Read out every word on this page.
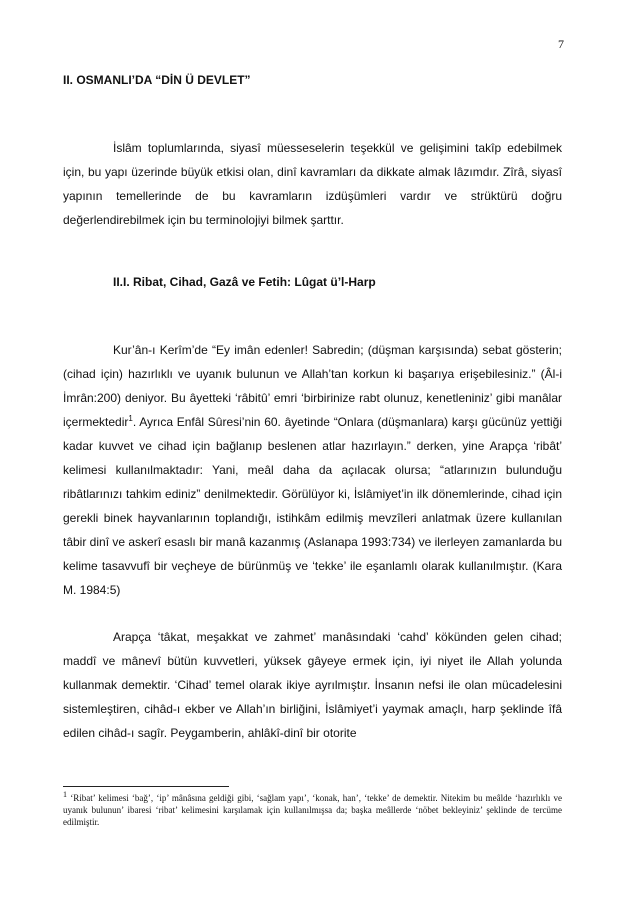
7
II. OSMANLI’DA “DİN Ü DEVLET”

İslâm toplumlarında, siyasî müesseselerin teşekkül ve gelişimini takîp edebilmek için, bu yapı üzerinde büyük etkisi olan, dinî kavramları da dikkate almak lâzımdır. Zîrâ, siyasî yapının temellerinde de bu kavramların izdüşümleri vardır ve strüktürü doğru değerlendirebilmek için bu terminolojiyi bilmek şarttır.

II.I. Ribat, Cihad, Gazâ ve Fetih: Lûgat ü’l-Harp

Kur’ân-ı Kerîm’de “Ey imân edenler! Sabredin; (düşman karşısında) sebat gösterin; (cihad için) hazırlıklı ve uyanık bulunun ve Allah’tan korkun ki başarıya erişebilesiniz.” (Âl-i İmrân:200) deniyor. Bu âyetteki ‘râbitû’ emri ‘birbirinize rabt olunuz, kenetleniniz’ gibi manâlar içermektedir$^1$. Ayrıca Enfâl Sûresi’nin 60. âyetinde “Onlara (düşmanlara) karşı gücünüz yettiği kadar kuvvet ve cihad için bağlanıp beslenen atlar hazırlayın.” derken, yine Arapça ‘ribât’ kelimesi kullanılmaktadır: Yani, meâl daha da açılacak olursa; “atlarınızın bulunduğu ribâtlarınızı tahkim ediniz” denilmektedir. Görülüyor ki, İslâmiyet’in ilk dönemlerinde, cihad için gerekli binek hayvanlarının toplandığı, istihkâm edilmiş mevzîleri anlatmak üzere kullanılan tâbir dinî ve askerî esaslı bir manâ kazanmış (Aslanapa 1993:734) ve ilerleyen zamanlarda bu kelime tasavvufî bir veçheye de bürünmüş ve ‘tekke’ ile eşanlamlı olarak kullanılmıştır. (Kara M. 1984:5)

Arapça ‘tâkat, meşakkat ve zahmet’ manâsındaki ‘cahd’ kökünden gelen cihad; maddî ve mânevî bütün kuvvetleri, yüksek gâyeye ermek için, iyi niyet ile Allah yolunda kullanmak demektir. ‘Cihad’ temel olarak ikiye ayrılmıştır. İnsanın nefsi ile olan mücadelesini sistemleştiren, cihâd-ı ekber ve Allah’ın birliğini, İslâmiyet’i yaymak amaçlı, harp şeklinde îfâ edilen cihâd-ı sagîr. Peygamberin, ahlâkî-dinî bir otorite

$^1$ ‘Ribat’ kelimesi ‘bağ’, ‘ip’ mânâsına geldiği gibi, ‘sağlam yapı’, ‘konak, han’, ‘tekke’ de demektir. Nitekim bu meâlde ‘hazırlıklı ve uyanık bulunun’ ibaresi ‘ribat’ kelimesini karşılamak için kullanılmışsa da; başka meâllerde ‘nöbet bekleyiniz’ şeklinde de tercüme edilmiştir.
